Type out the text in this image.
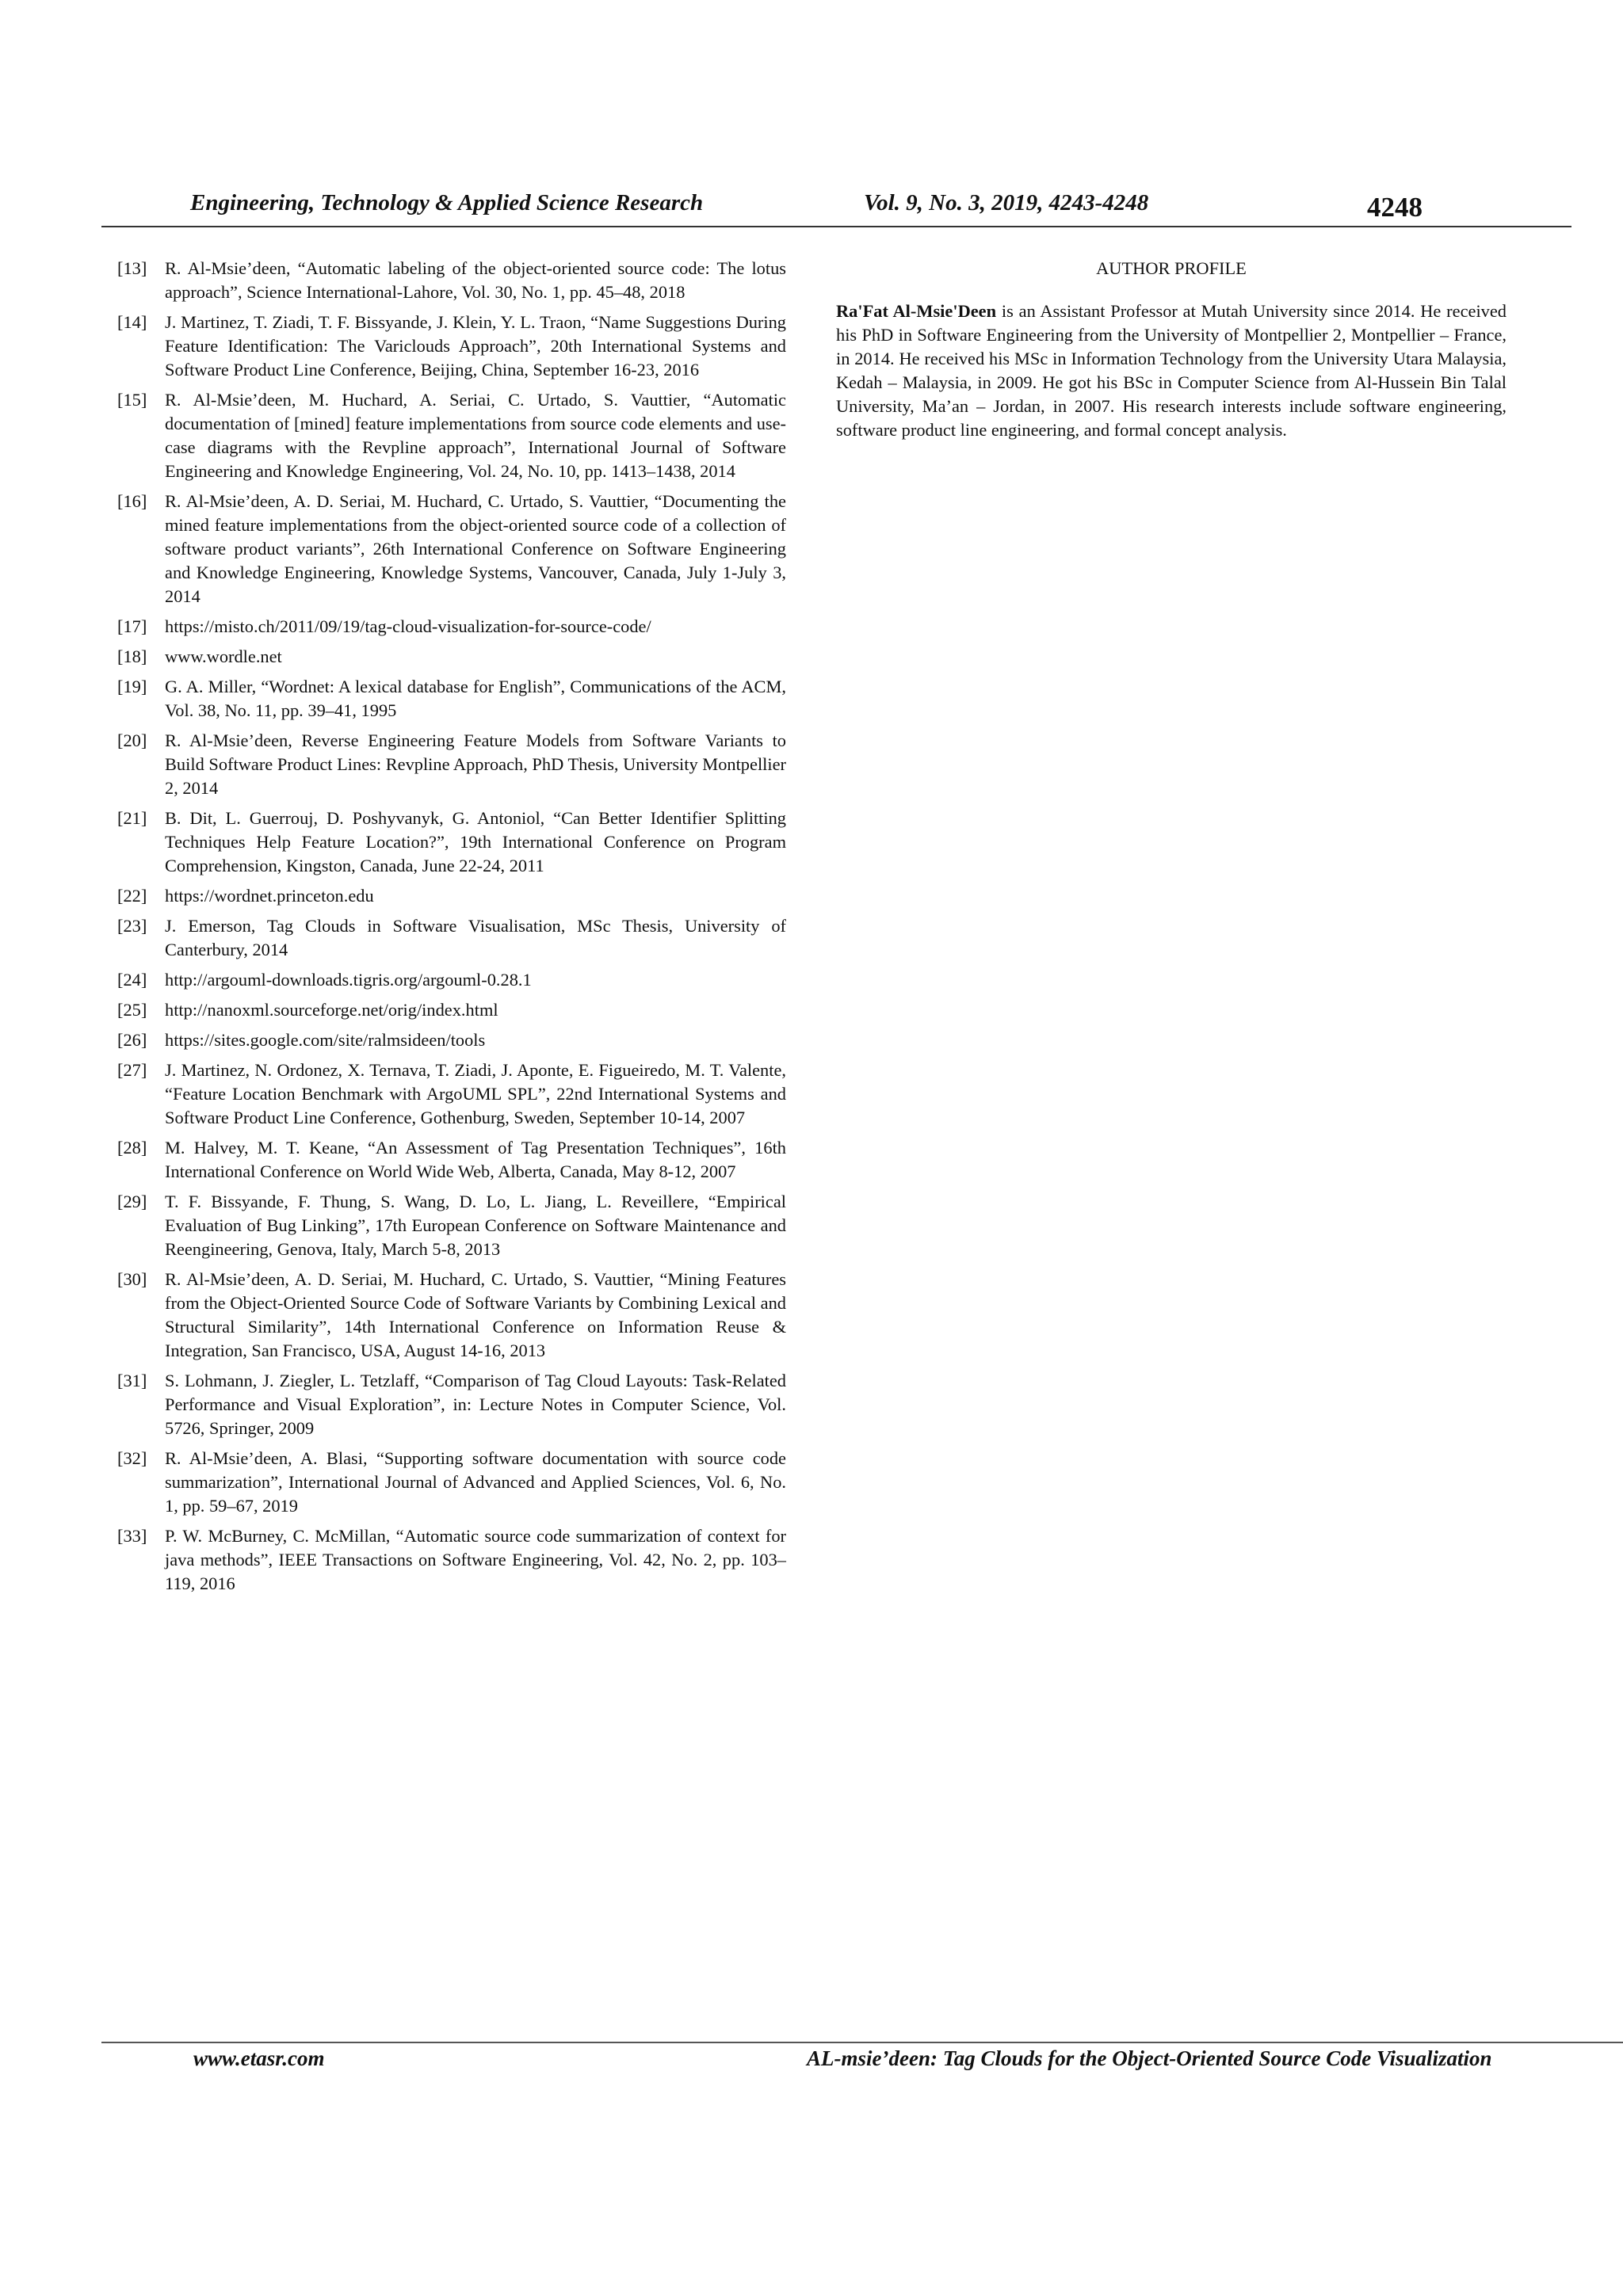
Engineering, Technology & Applied Science Research	Vol. 9, No. 3, 2019, 4243-4248	4248
[13]	R. Al-Msie’deen, “Automatic labeling of the object-oriented source code: The lotus approach”, Science International-Lahore, Vol. 30, No. 1, pp. 45–48, 2018
[14]	J. Martinez, T. Ziadi, T. F. Bissyande, J. Klein, Y. L. Traon, “Name Suggestions During Feature Identification: The Variclouds Approach”, 20th International Systems and Software Product Line Conference, Beijing, China, September 16-23, 2016
[15]	R. Al-Msie’deen, M. Huchard, A. Seriai, C. Urtado, S. Vauttier, “Automatic documentation of [mined] feature implementations from source code elements and use-case diagrams with the Revpline approach”, International Journal of Software Engineering and Knowledge Engineering, Vol. 24, No. 10, pp. 1413–1438, 2014
[16]	R. Al-Msie’deen, A. D. Seriai, M. Huchard, C. Urtado, S. Vauttier, “Documenting the mined feature implementations from the object-oriented source code of a collection of software product variants”, 26th International Conference on Software Engineering and Knowledge Engineering, Knowledge Systems, Vancouver, Canada, July 1-July 3, 2014
[17]	https://misto.ch/2011/09/19/tag-cloud-visualization-for-source-code/
[18]	www.wordle.net
[19]	G. A. Miller, “Wordnet: A lexical database for English”, Communications of the ACM, Vol. 38, No. 11, pp. 39–41, 1995
[20]	R. Al-Msie’deen, Reverse Engineering Feature Models from Software Variants to Build Software Product Lines: Revpline Approach, PhD Thesis, University Montpellier 2, 2014
[21]	B. Dit, L. Guerrouj, D. Poshyvanyk, G. Antoniol, “Can Better Identifier Splitting Techniques Help Feature Location?”, 19th International Conference on Program Comprehension, Kingston, Canada, June 22-24, 2011
[22]	https://wordnet.princeton.edu
[23]	J. Emerson, Tag Clouds in Software Visualisation, MSc Thesis, University of Canterbury, 2014
[24]	http://argouml-downloads.tigris.org/argouml-0.28.1
[25]	http://nanoxml.sourceforge.net/orig/index.html
[26]	https://sites.google.com/site/ralmsideen/tools
[27]	J. Martinez, N. Ordonez, X. Ternava, T. Ziadi, J. Aponte, E. Figueiredo, M. T. Valente, “Feature Location Benchmark with ArgoUML SPL”, 22nd International Systems and Software Product Line Conference, Gothenburg, Sweden, September 10-14, 2007
[28]	M. Halvey, M. T. Keane, “An Assessment of Tag Presentation Techniques”, 16th International Conference on World Wide Web, Alberta, Canada, May 8-12, 2007
[29]	T. F. Bissyande, F. Thung, S. Wang, D. Lo, L. Jiang, L. Reveillere, “Empirical Evaluation of Bug Linking”, 17th European Conference on Software Maintenance and Reengineering, Genova, Italy, March 5-8, 2013
[30]	R. Al-Msie’deen, A. D. Seriai, M. Huchard, C. Urtado, S. Vauttier, “Mining Features from the Object-Oriented Source Code of Software Variants by Combining Lexical and Structural Similarity”, 14th International Conference on Information Reuse & Integration, San Francisco, USA, August 14-16, 2013
[31]	S. Lohmann, J. Ziegler, L. Tetzlaff, “Comparison of Tag Cloud Layouts: Task-Related Performance and Visual Exploration”, in: Lecture Notes in Computer Science, Vol. 5726, Springer, 2009
[32]	R. Al-Msie’deen, A. Blasi, “Supporting software documentation with source code summarization”, International Journal of Advanced and Applied Sciences, Vol. 6, No. 1, pp. 59–67, 2019
[33]	P. W. McBurney, C. McMillan, “Automatic source code summarization of context for java methods”, IEEE Transactions on Software Engineering, Vol. 42, No. 2, pp. 103–119, 2016
AUTHOR PROFILE
Ra'Fat Al-Msie'Deen is an Assistant Professor at Mutah University since 2014. He received his PhD in Software Engineering from the University of Montpellier 2, Montpellier – France, in 2014. He received his MSc in Information Technology from the University Utara Malaysia, Kedah – Malaysia, in 2009. He got his BSc in Computer Science from Al-Hussein Bin Talal University, Ma’an – Jordan, in 2007. His research interests include software engineering, software product line engineering, and formal concept analysis.
www.etasr.com	AL-msie’deen: Tag Clouds for the Object-Oriented Source Code Visualization
